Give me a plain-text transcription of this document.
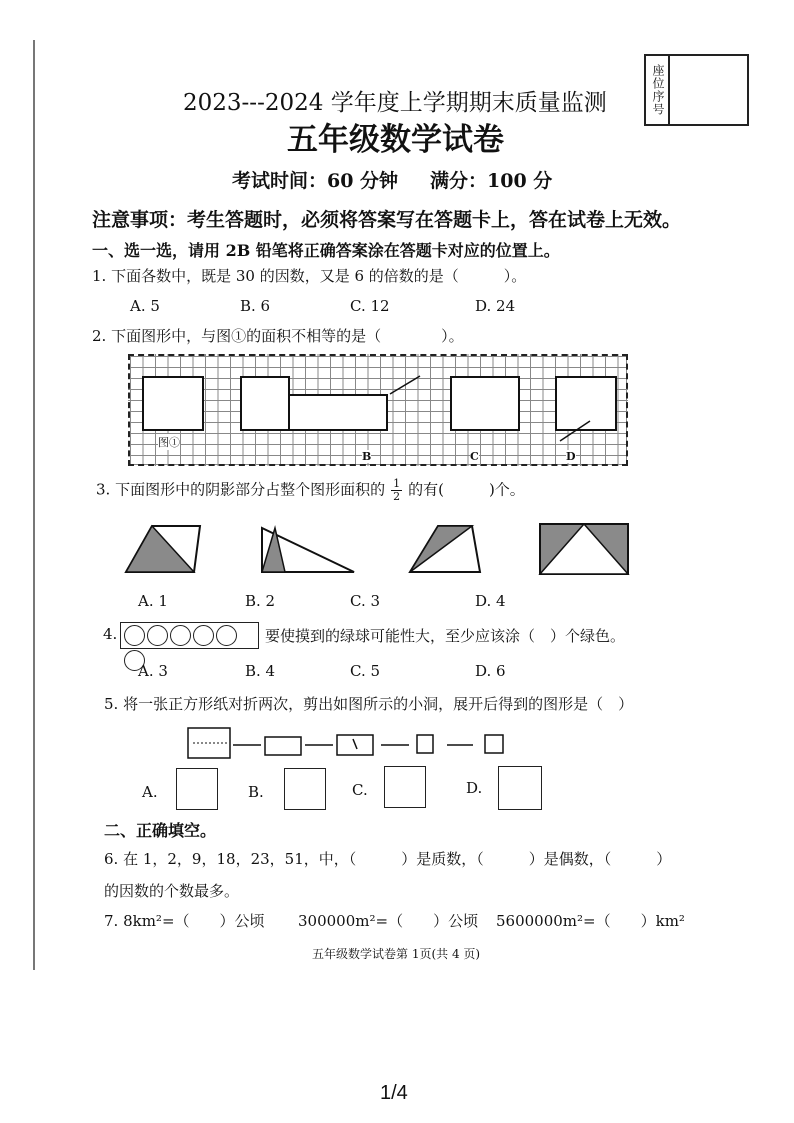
2023---2024 学年度上学期期末质量监测
五年级数学试卷
考试时间：60 分钟 满分：100 分
座位序号
注意事项：考生答题时，必须将答案写在答题卡上，答在试卷上无效。
一、选一选，请用 2B 铅笔将正确答案涂在答题卡对应的位置上。
1. 下面各数中，既是 30 的因数，又是 6 的倍数的是（　　　）。
A. 5	B. 6	C. 12	D. 24
2. 下面图形中，与图①的面积不相等的是（　　　　）。
图①
B	C	D
3. 下面图形中的阴影部分占整个图形面积的 $\frac{1}{2}$ 的有(　　　)个。
A. 1	B. 2	C. 3	D. 4
4.	要使摸到的绿球可能性大，至少应该涂（　）个绿色。
A. 3	B. 4	C. 5	D. 6
5. 将一张正方形纸对折两次，剪出如图所示的小洞，展开后得到的图形是（　）
A.	B.	C.	D.
二、正确填空。
6. 在 1，2，9，18，23，51，中，（　　　）是质数，（　　　）是偶数，（　　　）
的因数的个数最多。
7. 8km²=（　　）公顷 300000m²=（　　）公顷 5600000m²=（　　）km²
五年级数学试卷第 1页(共 4 页)
1/4
